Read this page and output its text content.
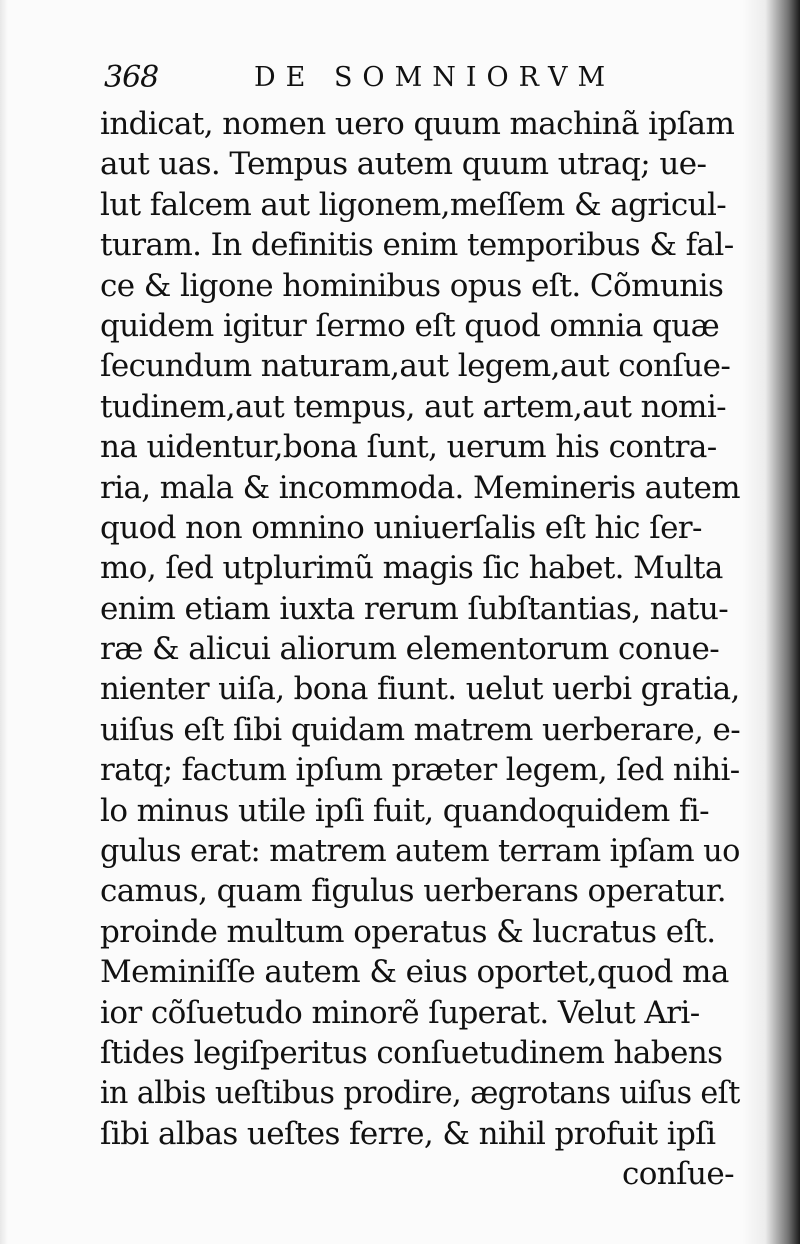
368	DE SOMNIORVM
indicat, nomen uero quum machinã ipſam
aut uas. Tempus autem quum utraq; ue-
lut falcem aut ligonem,meſſem & agricul-
turam. In definitis enim temporibus & fal-
ce & ligone hominibus opus eſt. Cõmunis
quidem igitur ſermo eſt quod omnia quæ
ſecundum naturam,aut legem,aut conſue-
tudinem,aut tempus, aut artem,aut nomi-
na uidentur,bona ſunt, uerum his contra-
ria, mala & incommoda. Memineris autem
quod non omnino uniuerſalis eſt hic ſer-
mo, ſed utplurimũ magis ſic habet. Multa
enim etiam iuxta rerum ſubſtantias, natu-
ræ & alicui aliorum elementorum conue-
nienter uiſa, bona fiunt. uelut uerbi gratia,
uiſus eſt ſibi quidam matrem uerberare, e-
ratq; factum ipſum præter legem, ſed nihi-
lo minus utile ipſi fuit, quandoquidem fi-
gulus erat: matrem autem terram ipſam uo
camus, quam figulus uerberans operatur.
proinde multum operatus & lucratus eſt.
Meminiſſe autem & eius oportet,quod ma
ior cõſuetudo minorẽ ſuperat. Velut Ari-
ſtides legiſperitus conſuetudinem habens
in albis ueſtibus prodire, ægrotans uiſus eſt
ſibi albas ueſtes ferre, & nihil profuit ipſi
conſue-
